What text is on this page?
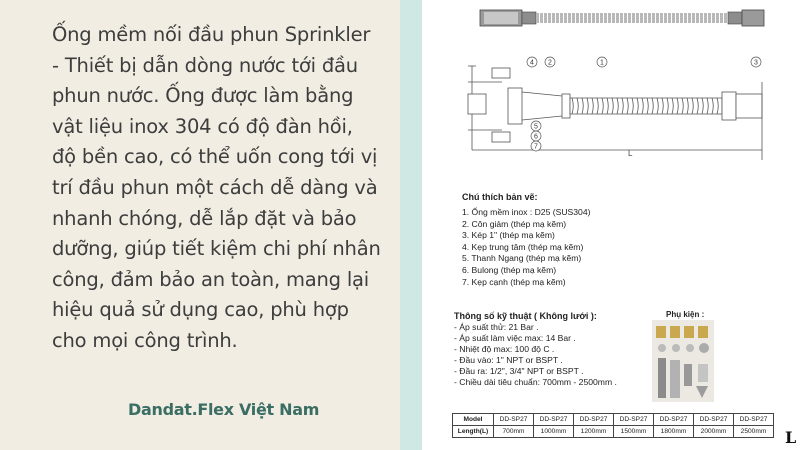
Ống mềm nối đầu phun Sprinkler
- Thiết bị dẫn dòng nước tới đầu
phun nước. Ống được làm bằng
vật liệu inox 304 có độ đàn hồi,
độ bền cao, có thể uốn cong tới vị
trí đầu phun một cách dễ dàng và
nhanh chóng, dễ lắp đặt và bảo
dưỡng, giúp tiết kiệm chi phí nhân
công, đảm bảo an toàn, mang lại
hiệu quả sử dụng cao, phù hợp
cho mọi công trình.
Dandat.Flex Việt Nam
1
2	3
4
5
6
7
L
Chú thích bản vẽ:
1. Ống mềm inox : D25 (SUS304)
2. Côn giảm (thép mạ kẽm)
3. Kép 1" (thép mạ kẽm)
4. Kẹp trung tâm (thép mạ kẽm)
5. Thanh Ngang (thép mạ kẽm)
6. Bulong (thép mạ kẽm)
7. Kẹp cạnh (thép mạ kẽm)
Thông số kỹ thuật ( Không lưới ):
- Áp suất thử: 21 Bar .
- Áp suất làm việc max: 14 Bar .
- Nhiệt độ max: 100 độ C .
- Đầu vào: 1" NPT or BSPT .
- Đầu ra: 1/2", 3/4" NPT or BSPT .
- Chiều dài tiêu chuẩn: 700mm - 2500mm .
Phụ kiện :
Model	DD-SP27	DD-SP27	DD-SP27	DD-SP27	DD-SP27	DD-SP27	DD-SP27
Length(L)	700mm	1000mm	1200mm	1500mm	1800mm	2000mm	2500mm L
